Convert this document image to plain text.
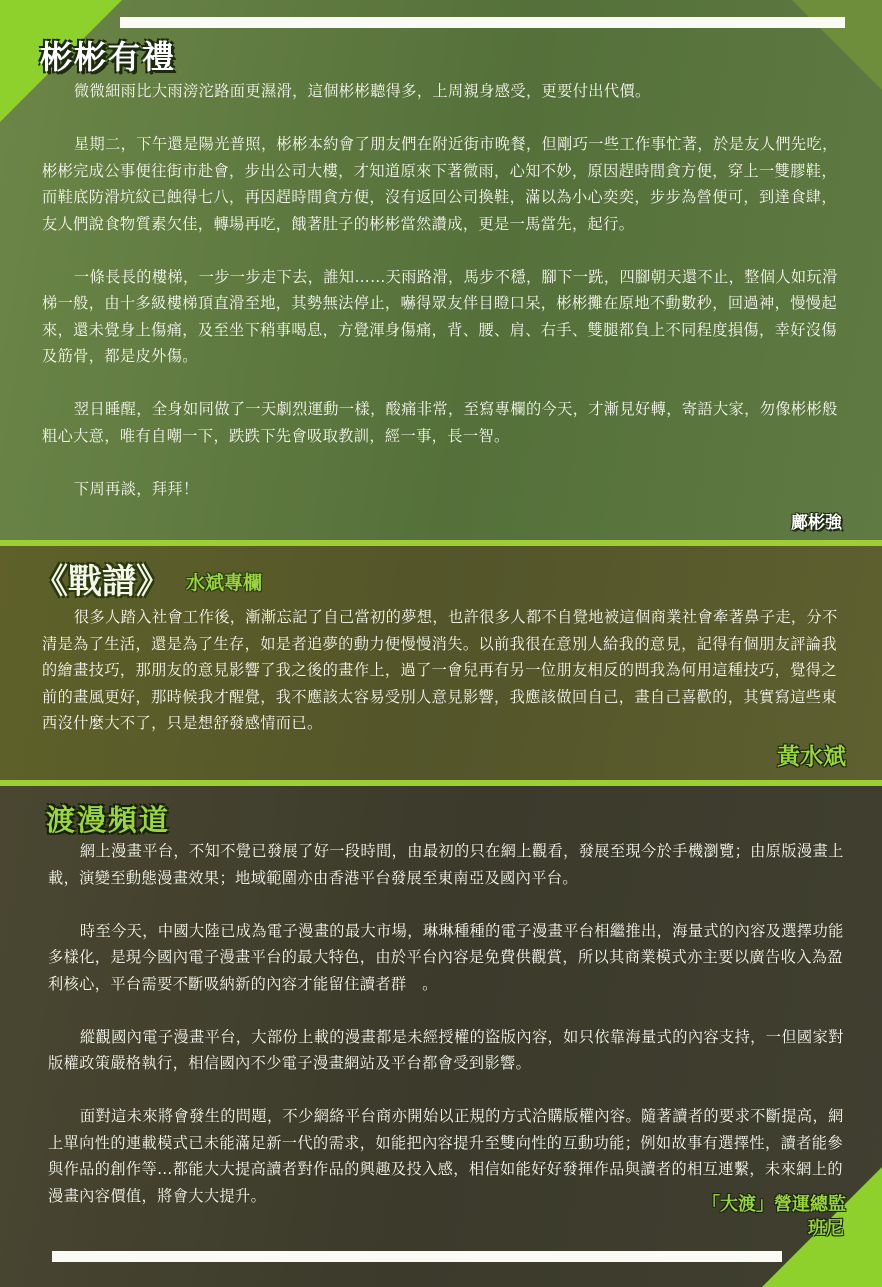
彬彬有禮

微微細雨比大雨滂沱路面更濕滑，這個彬彬聽得多，上周親身感受，更要付出代價。

星期二，下午還是陽光普照，彬彬本約會了朋友們在附近街市晚餐，但剛巧一些工作事忙著，於是友人們先吃，彬彬完成公事便往街市赴會，步出公司大樓，才知道原來下著微雨，心知不妙，原因趕時間貪方便，穿上一雙膠鞋，而鞋底防滑坑紋已蝕得七八，再因趕時間貪方便，沒有返回公司換鞋，滿以為小心奕奕，步步為營便可，到達食肆，友人們說食物質素欠佳，轉場再吃，餓著肚子的彬彬當然讚成，更是一馬當先，起行。

一條長長的樓梯，一步一步走下去，誰知……天雨路滑，馬步不穩，腳下一跣，四腳朝天還不止，整個人如玩滑梯一般，由十多級樓梯頂直滑至地，其勢無法停止，嚇得眾友伴目瞪口呆，彬彬攤在原地不動數秒，回過神，慢慢起來，還未覺身上傷痛，及至坐下稍事喝息，方覺渾身傷痛，背、腰、肩、右手、雙腿都負上不同程度損傷，幸好沒傷及筋骨，都是皮外傷。

翌日睡醒，全身如同做了一天劇烈運動一樣，酸痛非常，至寫專欄的今天，才漸見好轉，寄語大家，勿像彬彬般粗心大意，唯有自嘲一下，跌跌下先會吸取教訓，經一事，長一智。

下周再談，拜拜！

鄺彬強
《戰譜》 水斌專欄

很多人踏入社會工作後，漸漸忘記了自己當初的夢想，也許很多人都不自覺地被這個商業社會牽著鼻子走，分不清是為了生活，還是為了生存，如是者追夢的動力便慢慢消失。以前我很在意別人給我的意見，記得有個朋友評論我的繪畫技巧，那朋友的意見影響了我之後的畫作上，過了一會兒再有另一位朋友相反的問我為何用這種技巧，覺得之前的畫風更好，那時候我才醒覺，我不應該太容易受別人意見影響，我應該做回自己，畫自己喜歡的，其實寫這些東西沒什麼大不了，只是想舒發感情而已。

黃水斌
渡漫頻道

網上漫畫平台，不知不覺已發展了好一段時間，由最初的只在網上觀看，發展至現今於手機瀏覽；由原版漫畫上載，演變至動態漫畫效果；地域範圍亦由香港平台發展至東南亞及國內平台。

時至今天，中國大陸已成為電子漫畫的最大市場，琳琳種種的電子漫畫平台相繼推出，海量式的內容及選擇功能多樣化，是現今國內電子漫畫平台的最大特色，由於平台內容是免費供觀賞，所以其商業模式亦主要以廣告收入為盈利核心，平台需要不斷吸納新的內容才能留住讀者群　。

縱觀國內電子漫畫平台，大部份上載的漫畫都是未經授權的盜版內容，如只依靠海量式的內容支持，一但國家對版權政策嚴格執行，相信國內不少電子漫畫網站及平台都會受到影響。

面對這未來將會發生的問題，不少網絡平台商亦開始以正規的方式洽購版權內容。隨著讀者的要求不斷提高，網上單向性的連載模式已未能滿足新一代的需求，如能把內容提升至雙向性的互動功能；例如故事有選擇性，讀者能參與作品的創作等…都能大大提高讀者對作品的興趣及投入感，相信如能好好發揮作品與讀者的相互連繫，未來網上的漫畫內容價值，將會大大提升。	「大渡」營運總監
班尼
